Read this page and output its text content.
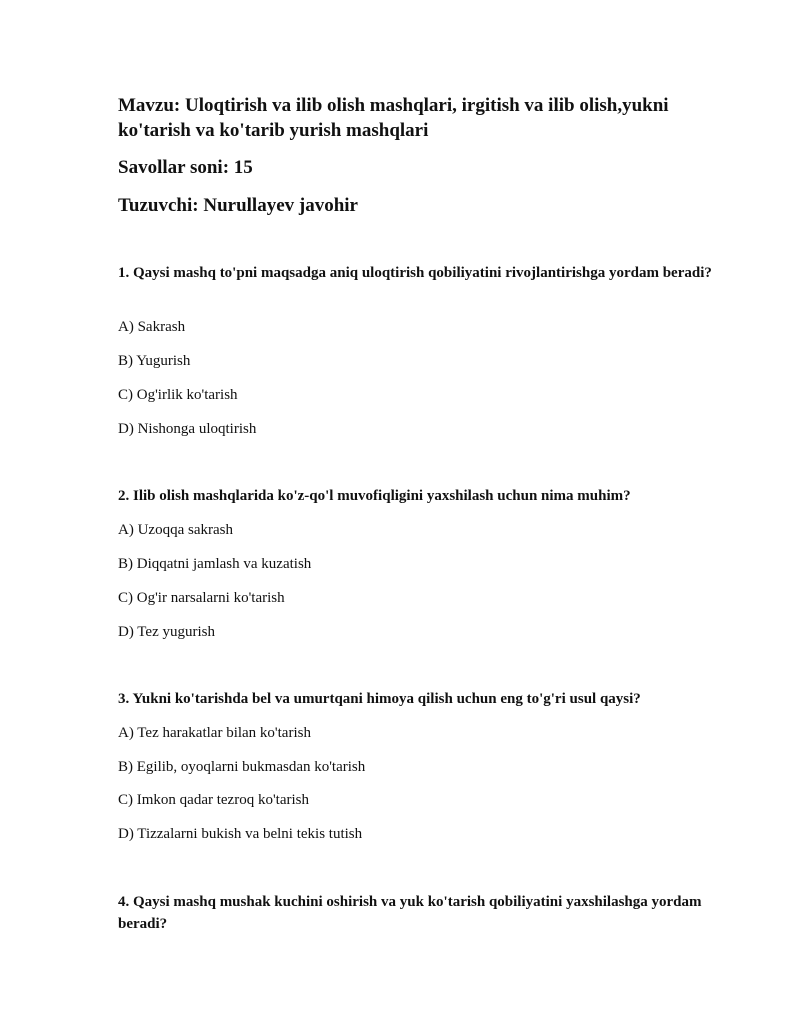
Mavzu: Uloqtirish va ilib olish mashqlari, irgitish va ilib olish,yukni ko'tarish va ko'tarib yurish mashqlari
Savollar soni: 15
Tuzuvchi: Nurullayev javohir
1. Qaysi mashq to'pni maqsadga aniq uloqtirish qobiliyatini rivojlantirishga yordam beradi?
A) Sakrash
B) Yugurish
C) Og'irlik ko'tarish
D) Nishonga uloqtirish
2. Ilib olish mashqlarida ko'z-qo'l muvofiqligini yaxshilash uchun nima muhim?
A) Uzoqqa sakrash
B) Diqqatni jamlash va kuzatish
C) Og'ir narsalarni ko'tarish
D) Tez yugurish
3. Yukni ko'tarishda bel va umurtqani himoya qilish uchun eng to'g'ri usul qaysi?
A) Tez harakatlar bilan ko'tarish
B) Egilib, oyoqlarni bukmasdan ko'tarish
C) Imkon qadar tezroq ko'tarish
D) Tizzalarni bukish va belni tekis tutish
4. Qaysi mashq mushak kuchini oshirish va yuk ko'tarish qobiliyatini yaxshilashga yordam beradi?
